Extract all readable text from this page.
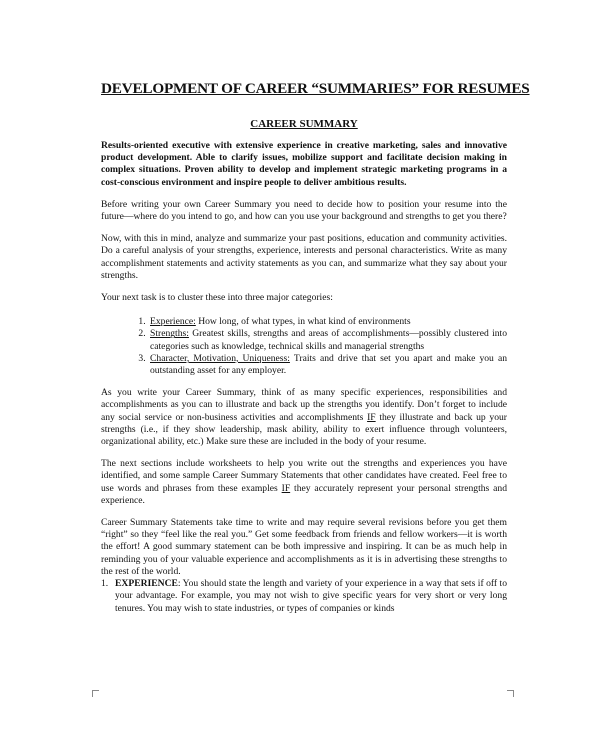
DEVELOPMENT OF CAREER “SUMMARIES” FOR RESUMES
CAREER SUMMARY

Results-oriented executive with extensive experience in creative marketing, sales and innovative product development. Able to clarify issues, mobilize support and facilitate decision making in complex situations. Proven ability to develop and implement strategic marketing programs in a cost-conscious environment and inspire people to deliver ambitious results.

Before writing your own Career Summary you need to decide how to position your resume into the future—where do you intend to go, and how can you use your background and strengths to get you there?

Now, with this in mind, analyze and summarize your past positions, education and community activities. Do a careful analysis of your strengths, experience, interests and personal characteristics. Write as many accomplishment statements and activity statements as you can, and summarize what they say about your strengths.

Your next task is to cluster these into three major categories:

1. Experience: How long, of what types, in what kind of environments
2. Strengths: Greatest skills, strengths and areas of accomplishments—possibly clustered into categories such as knowledge, technical skills and managerial strengths
3. Character, Motivation, Uniqueness: Traits and drive that set you apart and make you an outstanding asset for any employer.

As you write your Career Summary, think of as many specific experiences, responsibilities and accomplishments as you can to illustrate and back up the strengths you identify. Don’t forget to include any social service or non-business activities and accomplishments IF they illustrate and back up your strengths (i.e., if they show leadership, mask ability, ability to exert influence through volunteers, organizational ability, etc.) Make sure these are included in the body of your resume.

The next sections include worksheets to help you write out the strengths and experiences you have identified, and some sample Career Summary Statements that other candidates have created. Feel free to use words and phrases from these examples IF they accurately represent your personal strengths and experience.

Career Summary Statements take time to write and may require several revisions before you get them “right” so they “feel like the real you.” Get some feedback from friends and fellow workers—it is worth the effort! A good summary statement can be both impressive and inspiring. It can be as much help in reminding you of your valuable experience and accomplishments as it is in advertising these strengths to the rest of the world.

1. EXPERIENCE: You should state the length and variety of your experience in a way that sets if off to your advantage. For example, you may not wish to give specific years for very short or very long tenures. You may wish to state industries, or types of companies or kinds
